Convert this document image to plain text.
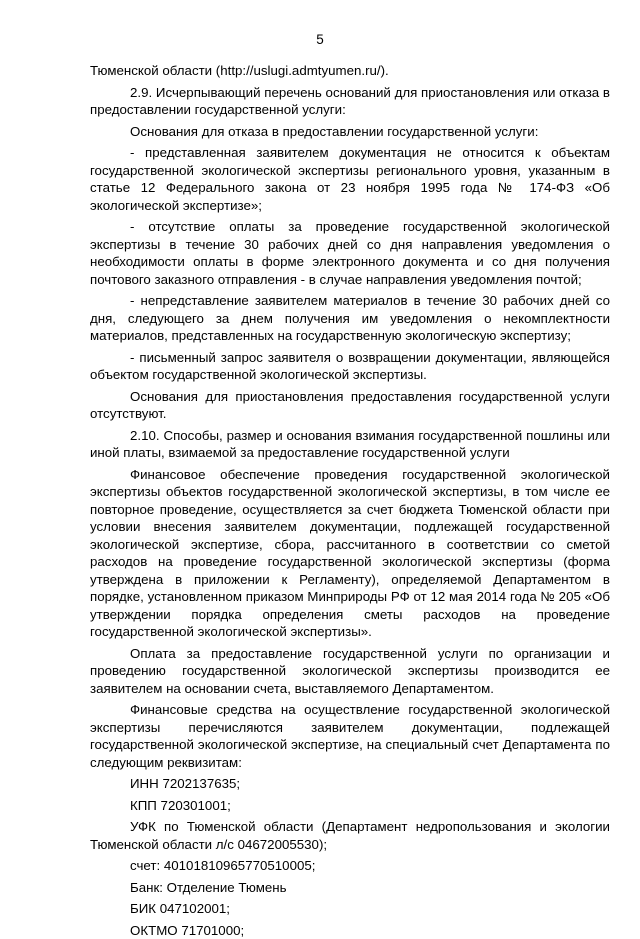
5

Тюменской области (http://uslugi.admtyumen.ru/).

2.9. Исчерпывающий перечень оснований для приостановления или отказа в предоставлении государственной услуги:

Основания для отказа в предоставлении государственной услуги:

- представленная заявителем документация не относится к объектам государственной экологической экспертизы регионального уровня, указанным в статье 12 Федерального закона от 23 ноября 1995 года № 174-ФЗ «Об экологической экспертизе»;

- отсутствие оплаты за проведение государственной экологической экспертизы в течение 30 рабочих дней со дня направления уведомления о необходимости оплаты в форме электронного документа и со дня получения почтового заказного отправления - в случае направления уведомления почтой;

- непредставление заявителем материалов в течение 30 рабочих дней со дня, следующего за днем получения им уведомления о некомплектности материалов, представленных на государственную экологическую экспертизу;

- письменный запрос заявителя о возвращении документации, являющейся объектом государственной экологической экспертизы.

Основания для приостановления предоставления государственной услуги отсутствуют.

2.10. Способы, размер и основания взимания государственной пошлины или иной платы, взимаемой за предоставление государственной услуги

Финансовое обеспечение проведения государственной экологической экспертизы объектов государственной экологической экспертизы, в том числе ее повторное проведение, осуществляется за счет бюджета Тюменской области при условии внесения заявителем документации, подлежащей государственной экологической экспертизе, сбора, рассчитанного в соответствии со сметой расходов на проведение государственной экологической экспертизы (форма утверждена в приложении к Регламенту), определяемой Департаментом в порядке, установленном приказом Минприроды РФ от 12 мая 2014 года № 205 «Об утверждении порядка определения сметы расходов на проведение государственной экологической экспертизы».

Оплата за предоставление государственной услуги по организации и проведению государственной экологической экспертизы производится ее заявителем на основании счета, выставляемого Департаментом.

Финансовые средства на осуществление государственной экологической экспертизы перечисляются заявителем документации, подлежащей государственной экологической экспертизе, на специальный счет Департамента по следующим реквизитам:

ИНН 7202137635;

КПП 720301001;

УФК по Тюменской области (Департамент недропользования и экологии Тюменской области л/с 04672005530);

счет: 40101810965770510005;

Банк: Отделение Тюмень

БИК 047102001;

ОКТМО 71701000;
